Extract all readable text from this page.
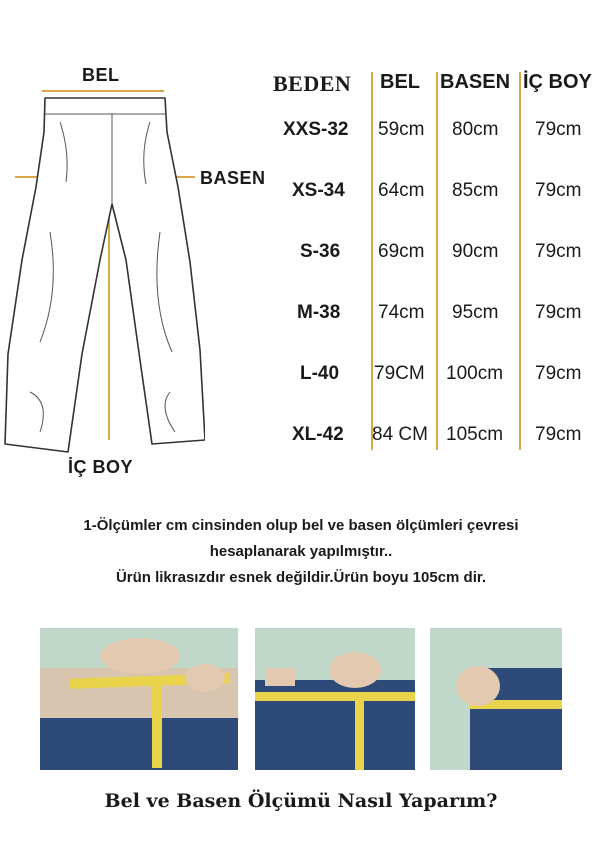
BEL
BASEN
İÇ BOY
BEDEN BEL BASEN İÇ BOY
XXS-32 59cm 80cm 79cm
XS-34 64cm 85cm 79cm
S-36 69cm 90cm 79cm
M-38 74cm 95cm 79cm
L-40 79CM 100cm 79cm
XL-42 84 CM 105cm 79cm
1-Ölçümler cm cinsinden olup bel ve basen ölçümleri çevresi
hesaplanarak yapılmıştır..
Ürün likrasızdır esnek değildir.Ürün boyu 105cm dir.
Bel ve Basen Ölçümü Nasıl Yaparım?
